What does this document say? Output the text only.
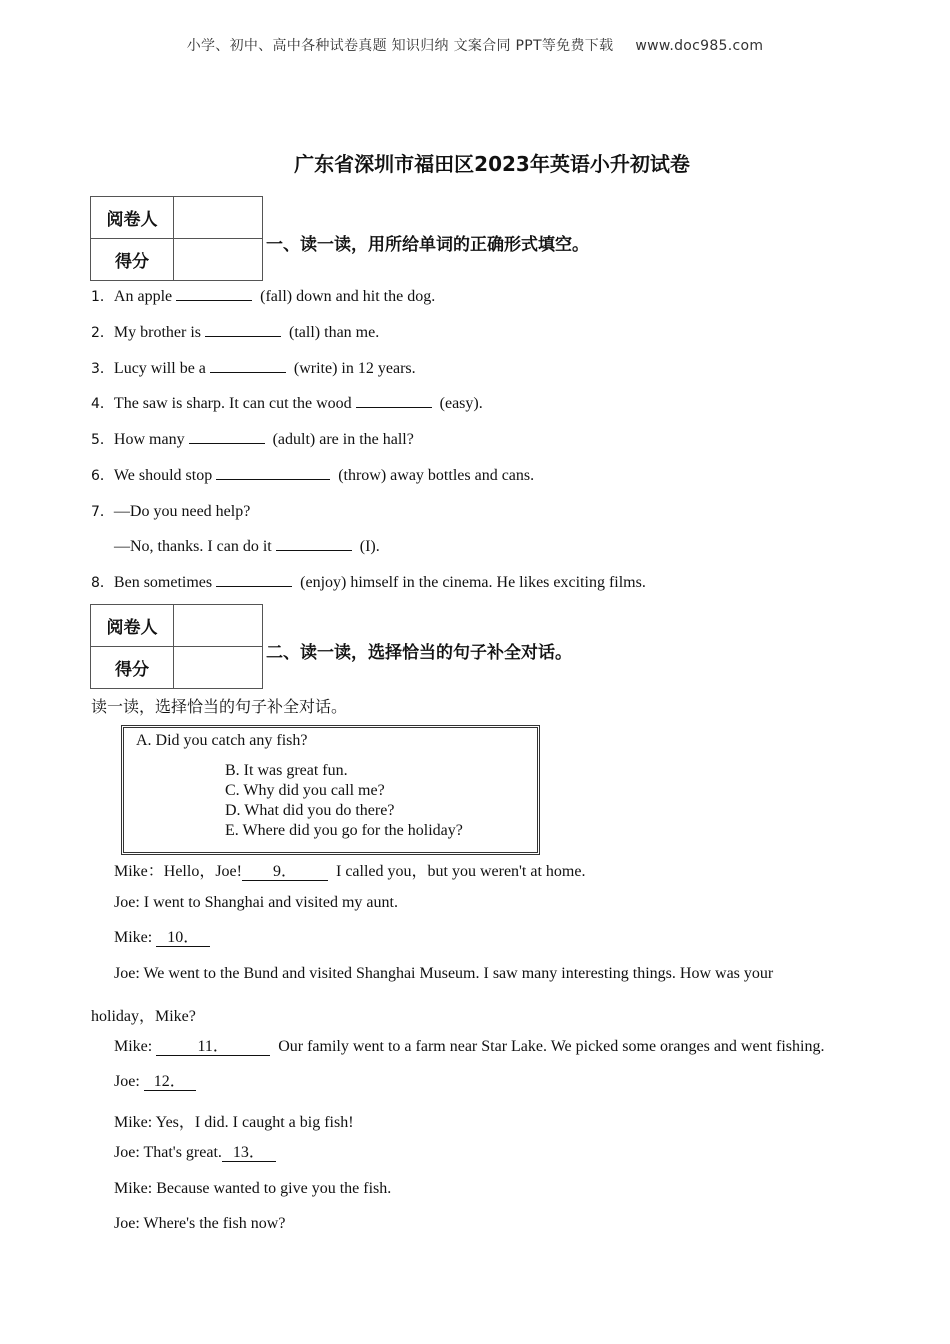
小学、初中、高中各种试卷真题 知识归纳 文案合同 PPT等免费下载 www.doc985.com
广东省深圳市福田区2023年英语小升初试卷
阅卷人	
得分	
一、读一读，用所给单词的正确形式填空。
1．An apple	(fall) down and hit the dog.
2．My brother is	(tall) than me.
3．Lucy will be a	(write) in 12 years.
4．The saw is sharp. It can cut the wood	(easy).
5．How many	(adult) are in the hall?
6．We should stop	(throw) away bottles and cans.
7．—Do you need help?
—No, thanks. I can do it	(I).
8．Ben sometimes	(enjoy) himself in the cinema. He likes exciting films.
阅卷人	
得分	
二、读一读，选择恰当的句子补全对话。
读一读，选择恰当的句子补全对话。
A. Did you catch any fish?
B. It was great fun.
C. Why did you call me?
D. What did you do there?
E. Where did you go for the holiday?
Mike：Hello，Joe! 9． I called you，but you weren't at home.
Joe: I went to Shanghai and visited my aunt.
Mike: 10．
Joe: We went to the Bund and visited Shanghai Museum. I saw many interesting things. How was your
holiday，Mike?
Mike:	11．	Our family went to a farm near Star Lake. We picked some oranges and went fishing.
Joe: 12．
Mike: Yes，I did. I caught a big fish!
Joe: That's great. 13．
Mike: Because wanted to give you the fish.
Joe: Where's the fish now?
